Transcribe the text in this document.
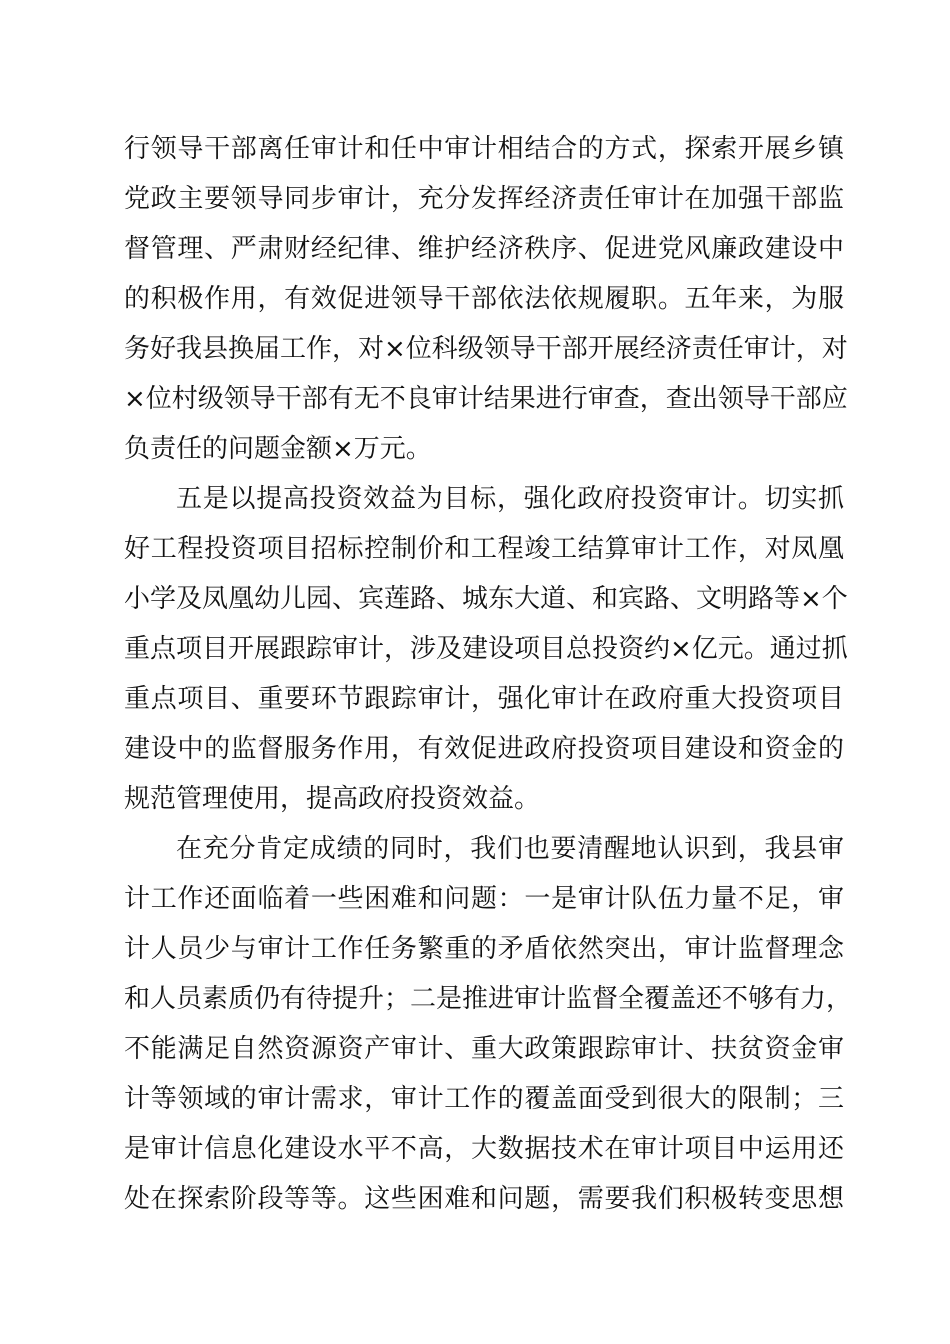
行领导干部离任审计和任中审计相结合的方式，探索开展乡镇
党政主要领导同步审计，充分发挥经济责任审计在加强干部监
督管理、严肃财经纪律、维护经济秩序、促进党风廉政建设中
的积极作用，有效促进领导干部依法依规履职。五年来，为服
务好我县换届工作，对×位科级领导干部开展经济责任审计，对
×位村级领导干部有无不良审计结果进行审查，查出领导干部应
负责任的问题金额×万元。
五是以提高投资效益为目标，强化政府投资审计。切实抓
好工程投资项目招标控制价和工程竣工结算审计工作，对凤凰
小学及凤凰幼儿园、宾莲路、城东大道、和宾路、文明路等×个
重点项目开展跟踪审计，涉及建设项目总投资约×亿元。通过抓
重点项目、重要环节跟踪审计，强化审计在政府重大投资项目
建设中的监督服务作用，有效促进政府投资项目建设和资金的
规范管理使用，提高政府投资效益。
在充分肯定成绩的同时，我们也要清醒地认识到，我县审
计工作还面临着一些困难和问题：一是审计队伍力量不足，审
计人员少与审计工作任务繁重的矛盾依然突出，审计监督理念
和人员素质仍有待提升；二是推进审计监督全覆盖还不够有力，
不能满足自然资源资产审计、重大政策跟踪审计、扶贫资金审
计等领域的审计需求，审计工作的覆盖面受到很大的限制；三
是审计信息化建设水平不高，大数据技术在审计项目中运用还
处在探索阶段等等。这些困难和问题，需要我们积极转变思想
